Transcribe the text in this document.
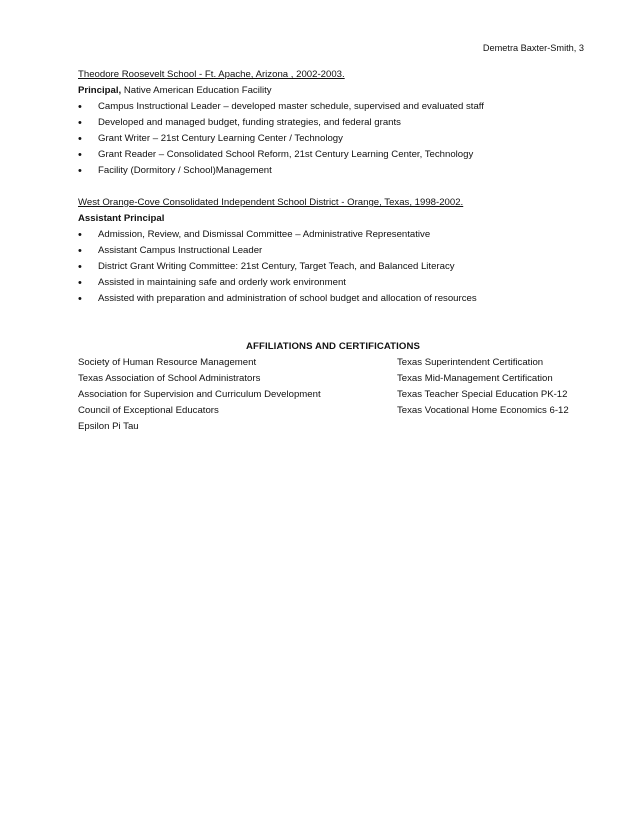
Demetra Baxter-Smith, 3
Theodore Roosevelt School - Ft. Apache, Arizona , 2002-2003.
Principal, Native American Education Facility
•	Campus Instructional Leader – developed master schedule, supervised and evaluated staff
•	Developed and managed budget, funding strategies, and federal grants
•	Grant Writer – 21st Century Learning Center / Technology
•	Grant Reader – Consolidated School Reform, 21st Century Learning Center, Technology
•	Facility (Dormitory / School)Management
West Orange-Cove Consolidated Independent School District - Orange, Texas, 1998-2002.
Assistant Principal
•	Admission, Review, and Dismissal Committee – Administrative Representative
•	Assistant Campus Instructional Leader
•	District Grant Writing Committee: 21st Century, Target Teach, and Balanced Literacy
•	Assisted in maintaining safe and orderly work environment
•	Assisted with preparation and administration of school budget and allocation of resources
AFFILIATIONS AND CERTIFICATIONS
Society of Human Resource Management	Texas Superintendent Certification
Texas Association of School Administrators	Texas Mid-Management Certification
Association for Supervision and Curriculum Development	Texas Teacher Special Education PK-12
Council of Exceptional Educators	Texas Vocational Home Economics 6-12
Epsilon Pi Tau
